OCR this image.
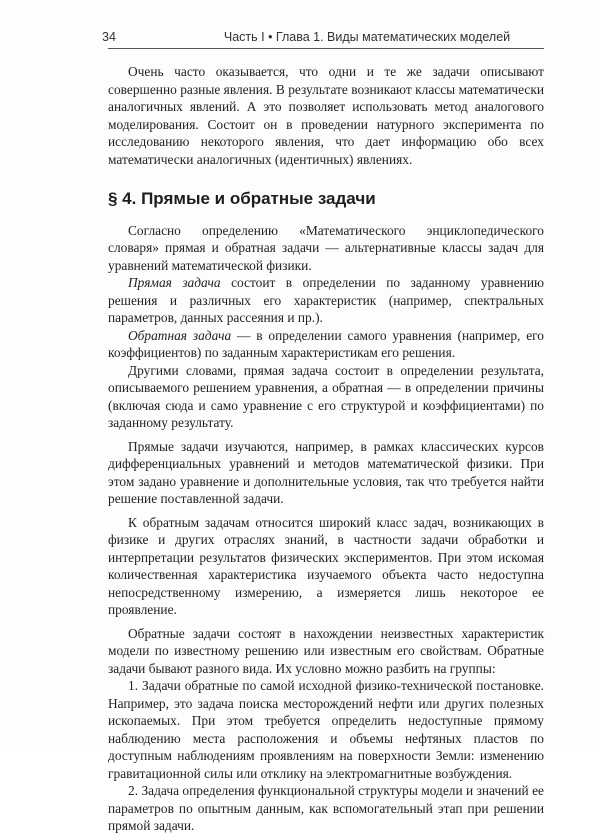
34	Часть I • Глава 1. Виды математических моделей

Очень часто оказывается, что одни и те же задачи описывают совершенно разные явления. В результате возникают классы математически аналогичных явлений. А это позволяет использовать метод аналогового моделирования. Состоит он в проведении натурного эксперимента по исследованию некоторого явления, что дает информацию обо всех математически аналогичных (идентичных) явлениях.

§ 4. Прямые и обратные задачи

Согласно определению «Математического энциклопедического словаря» прямая и обратная задачи — альтернативные классы задач для уравнений математической физики.

Прямая задача состоит в определении по заданному уравнению решения и различных его характеристик (например, спектральных параметров, данных рассеяния и пр.).

Обратная задача — в определении самого уравнения (например, его коэффициентов) по заданным характеристикам его решения.

Другими словами, прямая задача состоит в определении результата, описываемого решением уравнения, а обратная — в определении причины (включая сюда и само уравнение с его структурой и коэффициентами) по заданному результату.

Прямые задачи изучаются, например, в рамках классических курсов дифференциальных уравнений и методов математической физики. При этом задано уравнение и дополнительные условия, так что требуется найти решение поставленной задачи.

К обратным задачам относится широкий класс задач, возникающих в физике и других отраслях знаний, в частности задачи обработки и интерпретации результатов физических экспериментов. При этом искомая количественная характеристика изучаемого объекта часто недоступна непосредственному измерению, а измеряется лишь некоторое ее проявление.

Обратные задачи состоят в нахождении неизвестных характеристик модели по известному решению или известным его свойствам. Обратные задачи бывают разного вида. Их условно можно разбить на группы:

1. Задачи обратные по самой исходной физико-технической постановке. Например, это задача поиска месторождений нефти или других полезных ископаемых. При этом требуется определить недоступные прямому наблюдению места расположения и объемы нефтяных пластов по доступным наблюдениям проявлениям на поверхности Земли: изменению гравитационной силы или отклику на электромагнитные возбуждения.

2. Задача определения функциональной структуры модели и значений ее параметров по опытным данным, как вспомогательный этап при решении прямой задачи.
